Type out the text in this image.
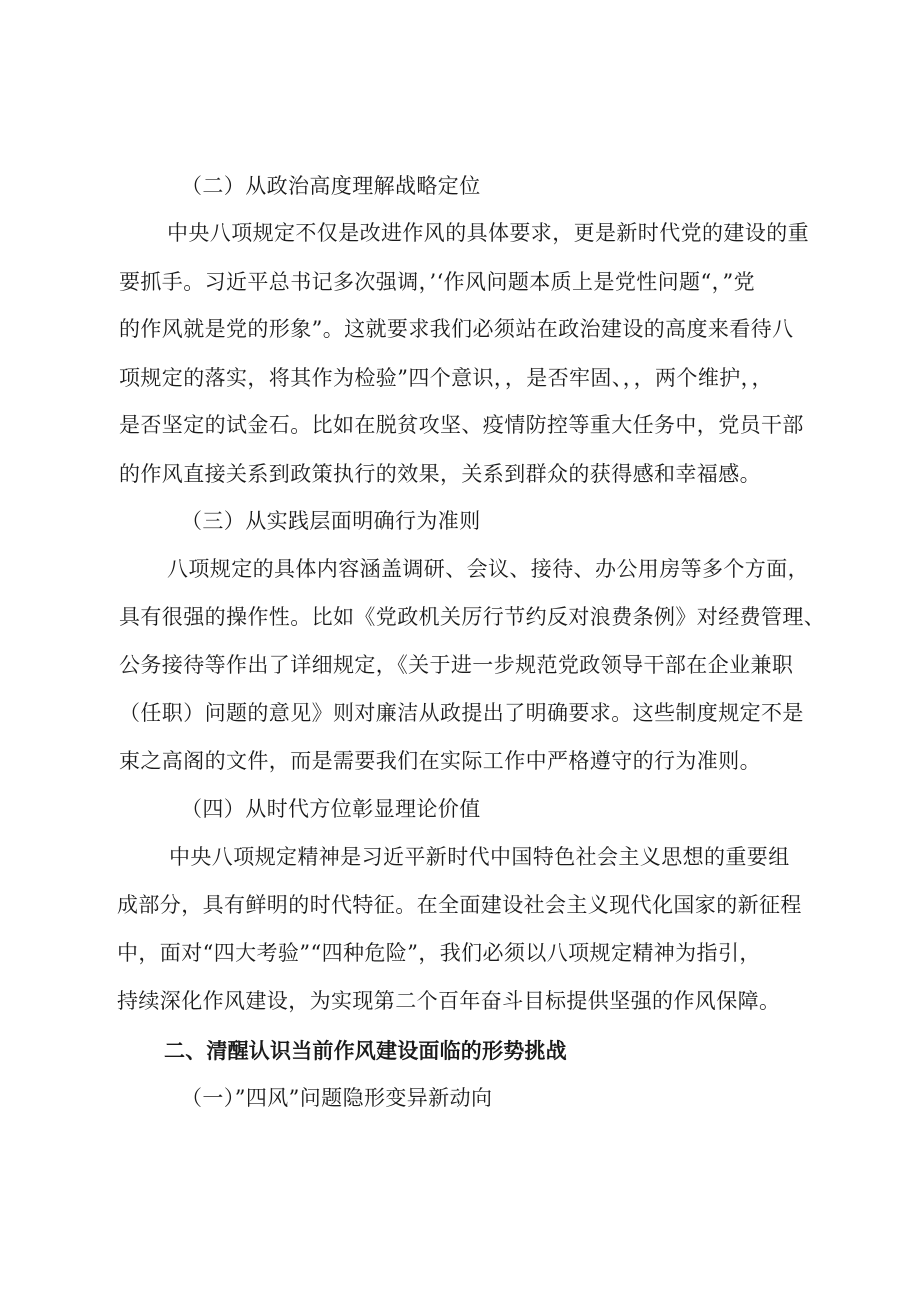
（二）从政治高度理解战略定位
中央八项规定不仅是改进作风的具体要求，更是新时代党的建设的重
要抓手。习近平总书记多次强调，’‘作风问题本质上是党性问题“，”党
的作风就是党的形象”。这就要求我们必须站在政治建设的高度来看待八
项规定的落实，将其作为检验”四个意识，，是否牢固、，，两个维护，，
是否坚定的试金石。比如在脱贫攻坚、疫情防控等重大任务中，党员干部
的作风直接关系到政策执行的效果，关系到群众的获得感和幸福感。
（三）从实践层面明确行为准则
八项规定的具体内容涵盖调研、会议、接待、办公用房等多个方面，
具有很强的操作性。比如《党政机关厉行节约反对浪费条例》对经费管理、
公务接待等作出了详细规定，《关于进一步规范党政领导干部在企业兼职
（任职）问题的意见》则对廉洁从政提出了明确要求。这些制度规定不是
束之高阁的文件，而是需要我们在实际工作中严格遵守的行为准则。
（四）从时代方位彰显理论价值
中央八项规定精神是习近平新时代中国特色社会主义思想的重要组
成部分，具有鲜明的时代特征。在全面建设社会主义现代化国家的新征程
中，面对“四大考验”“四种危险”，我们必须以八项规定精神为指引，
持续深化作风建设，为实现第二个百年奋斗目标提供坚强的作风保障。
二、清醒认识当前作风建设面临的形势挑战
（一）”四风”问题隐形变异新动向
